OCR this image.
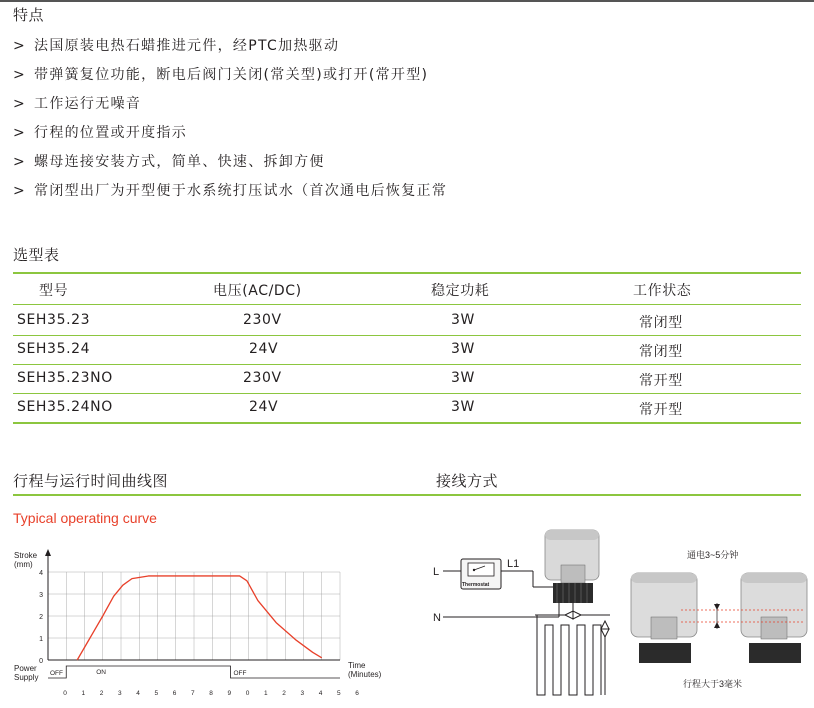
特点
> 法国原装电热石蜡推进元件，经PTC加热驱动
> 带弹簧复位功能，断电后阀门关闭(常关型)或打开(常开型)
> 工作运行无噪音
> 行程的位置或开度指示
> 螺母连接安装方式，简单、快速、拆卸方便
> 常闭型出厂为开型便于水系统打压试水（首次通电后恢复正常
选型表
型号	电压(AC/DC)	稳定功耗	工作状态
SEH35.23	230V	3W	常闭型
SEH35.24	24V	3W	常闭型
SEH35.23NO	230V	3W	常开型
SEH35.24NO	24V	3W	常开型
行程与运行时间曲线图	接线方式
Typical operating curve
0
1
2
3
4
0 1 2 3 4 5 6 7 8 9 0 1 2 3 4 5 6
OFF	ON	OFF
Stroke
(mm)
Time
(Minutes)
Power
Supply
L
L1
N
Thermostat
通电3~5分钟
行程大于3毫米
